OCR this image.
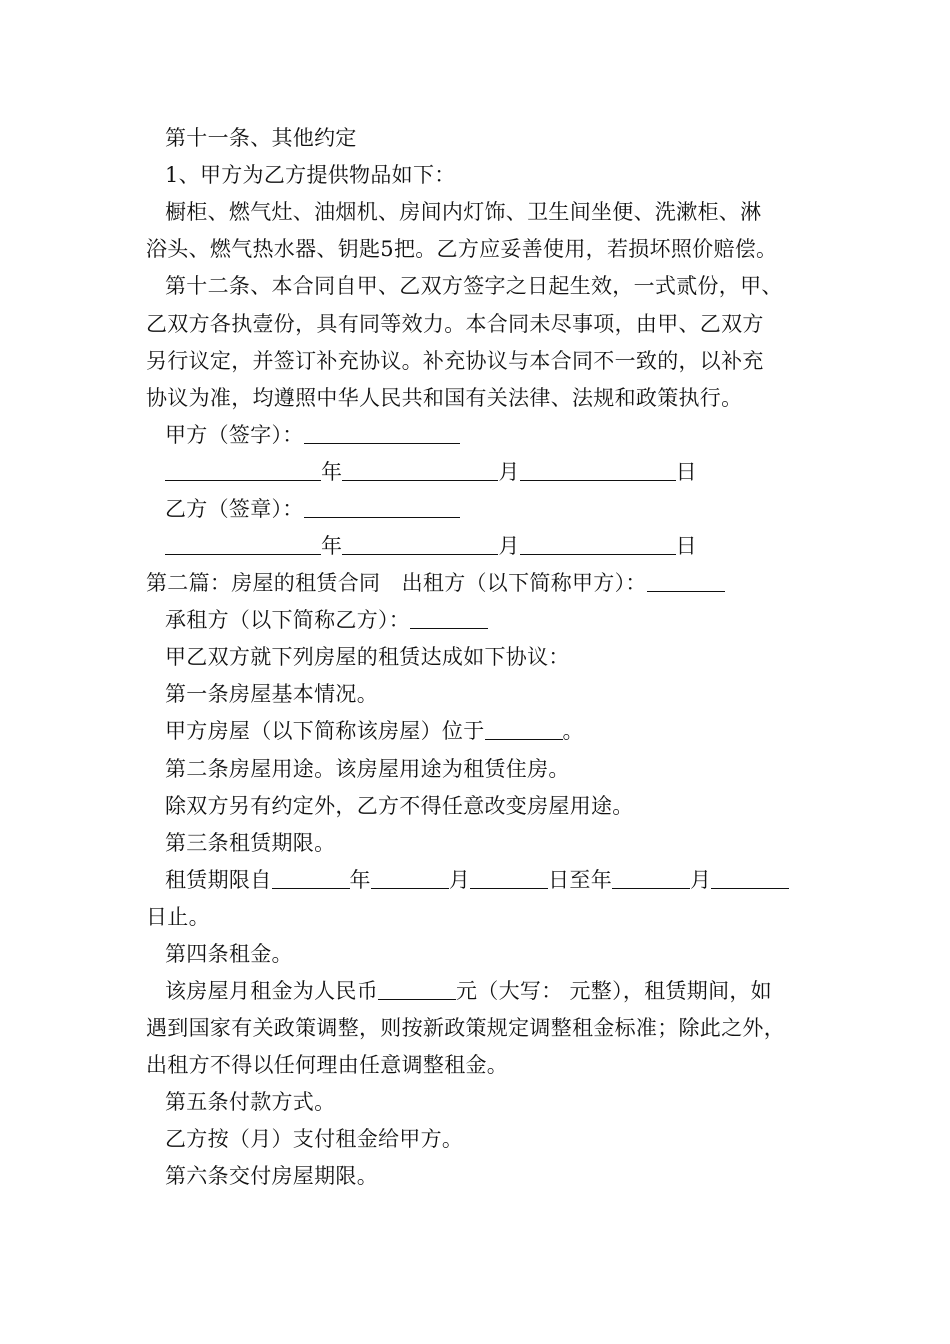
第十一条、其他约定
1、甲方为乙方提供物品如下：
橱柜、燃气灶、油烟机、房间内灯饰、卫生间坐便、洗漱柜、淋
浴头、燃气热水器、钥匙5把。乙方应妥善使用，若损坏照价赔偿。
第十二条、本合同自甲、乙双方签字之日起生效，一式贰份，甲、
乙双方各执壹份，具有同等效力。本合同未尽事项，由甲、乙双方
另行议定，并签订补充协议。补充协议与本合同不一致的，以补充
协议为准，均遵照中华人民共和国有关法律、法规和政策执行。
甲方（签字）：
年	月	日
乙方（签章）：
年	月	日
第二篇：房屋的租赁合同　出租方（以下简称甲方）：
承租方（以下简称乙方）：
甲乙双方就下列房屋的租赁达成如下协议：
第一条房屋基本情况。
甲方房屋（以下简称该房屋）位于	。
第二条房屋用途。该房屋用途为租赁住房。
除双方另有约定外，乙方不得任意改变房屋用途。
第三条租赁期限。
租赁期限自	年	月	日至年	月
日止。
第四条租金。
该房屋月租金为人民币	元（大写： 元整），租赁期间，如
遇到国家有关政策调整，则按新政策规定调整租金标准；除此之外，
出租方不得以任何理由任意调整租金。
第五条付款方式。
乙方按（月）支付租金给甲方。
第六条交付房屋期限。
